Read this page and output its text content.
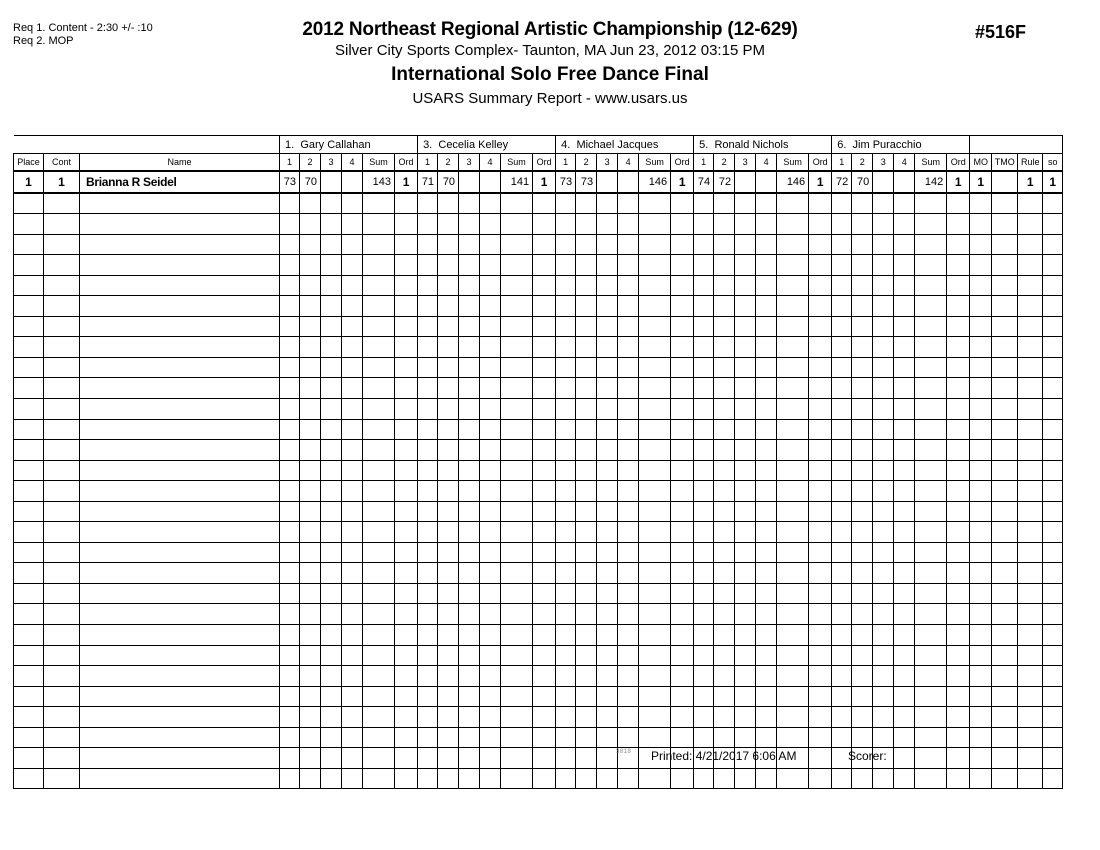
Req 1. Content - 2:30 +/- :10
Req 2. MOP
2012 Northeast Regional Artistic Championship (12-629)
Silver City Sports Complex- Taunton, MA Jun 23, 2012 03:15 PM
International Solo Free Dance Final
USARS Summary Report - www.usars.us
#516F
			1. Gary Callahan						3. Cecelia Kelley						4. Michael Jacques						5. Ronald Nichols						6. Jim Puracchio									
Place	Cont	Name	1	2	3	4	Sum	Ord	1	2	3	4	Sum	Ord	1	2	3	4	Sum	Ord	1	2	3	4	Sum	Ord	1	2	3	4	Sum	Ord	MO	TMO	Rule	so
1	1	Brianna R Seidel	73	70			143	1	71	70			141	1	73	73			146	1	74	72			146	1	72	70			142	1	1		1	1

3818 Printed: 4/21/2017 6:06 AM	Scorer:
